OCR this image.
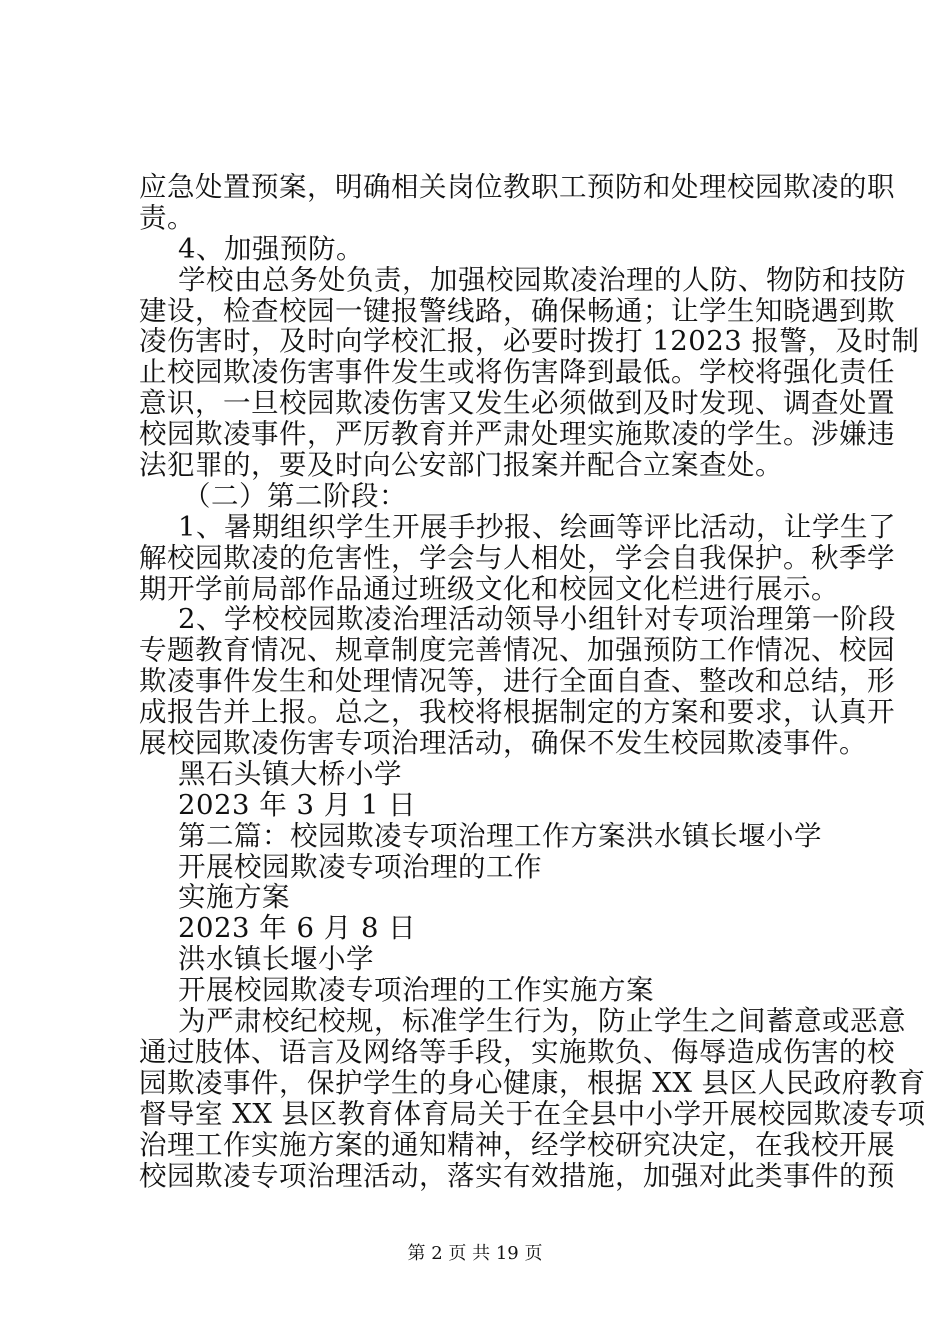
应急处置预案，明确相关岗位教职工预防和处理校园欺凌的职
责。
4、加强预防。
学校由总务处负责，加强校园欺凌治理的人防、物防和技防
建设，检查校园一键报警线路，确保畅通；让学生知晓遇到欺
凌伤害时，及时向学校汇报，必要时拨打 12023 报警，及时制
止校园欺凌伤害事件发生或将伤害降到最低。学校将强化责任
意识，一旦校园欺凌伤害又发生必须做到及时发现、调查处置
校园欺凌事件，严厉教育并严肃处理实施欺凌的学生。涉嫌违
法犯罪的，要及时向公安部门报案并配合立案查处。
（二）第二阶段：
1、暑期组织学生开展手抄报、绘画等评比活动，让学生了
解校园欺凌的危害性，学会与人相处，学会自我保护。秋季学
期开学前局部作品通过班级文化和校园文化栏进行展示。
2、学校校园欺凌治理活动领导小组针对专项治理第一阶段
专题教育情况、规章制度完善情况、加强预防工作情况、校园
欺凌事件发生和处理情况等，进行全面自查、整改和总结，形
成报告并上报。总之，我校将根据制定的方案和要求，认真开
展校园欺凌伤害专项治理活动，确保不发生校园欺凌事件。
黑石头镇大桥小学
2023 年 3 月 1 日
第二篇：校园欺凌专项治理工作方案洪水镇长堰小学
开展校园欺凌专项治理的工作
实施方案
2023 年 6 月 8 日
洪水镇长堰小学
开展校园欺凌专项治理的工作实施方案
为严肃校纪校规，标准学生行为，防止学生之间蓄意或恶意
通过肢体、语言及网络等手段，实施欺负、侮辱造成伤害的校
园欺凌事件，保护学生的身心健康，根据 XX 县区人民政府教育
督导室 XX 县区教育体育局关于在全县中小学开展校园欺凌专项
治理工作实施方案的通知精神，经学校研究决定，在我校开展
校园欺凌专项治理活动，落实有效措施，加强对此类事件的预
第 2 页 共 19 页
